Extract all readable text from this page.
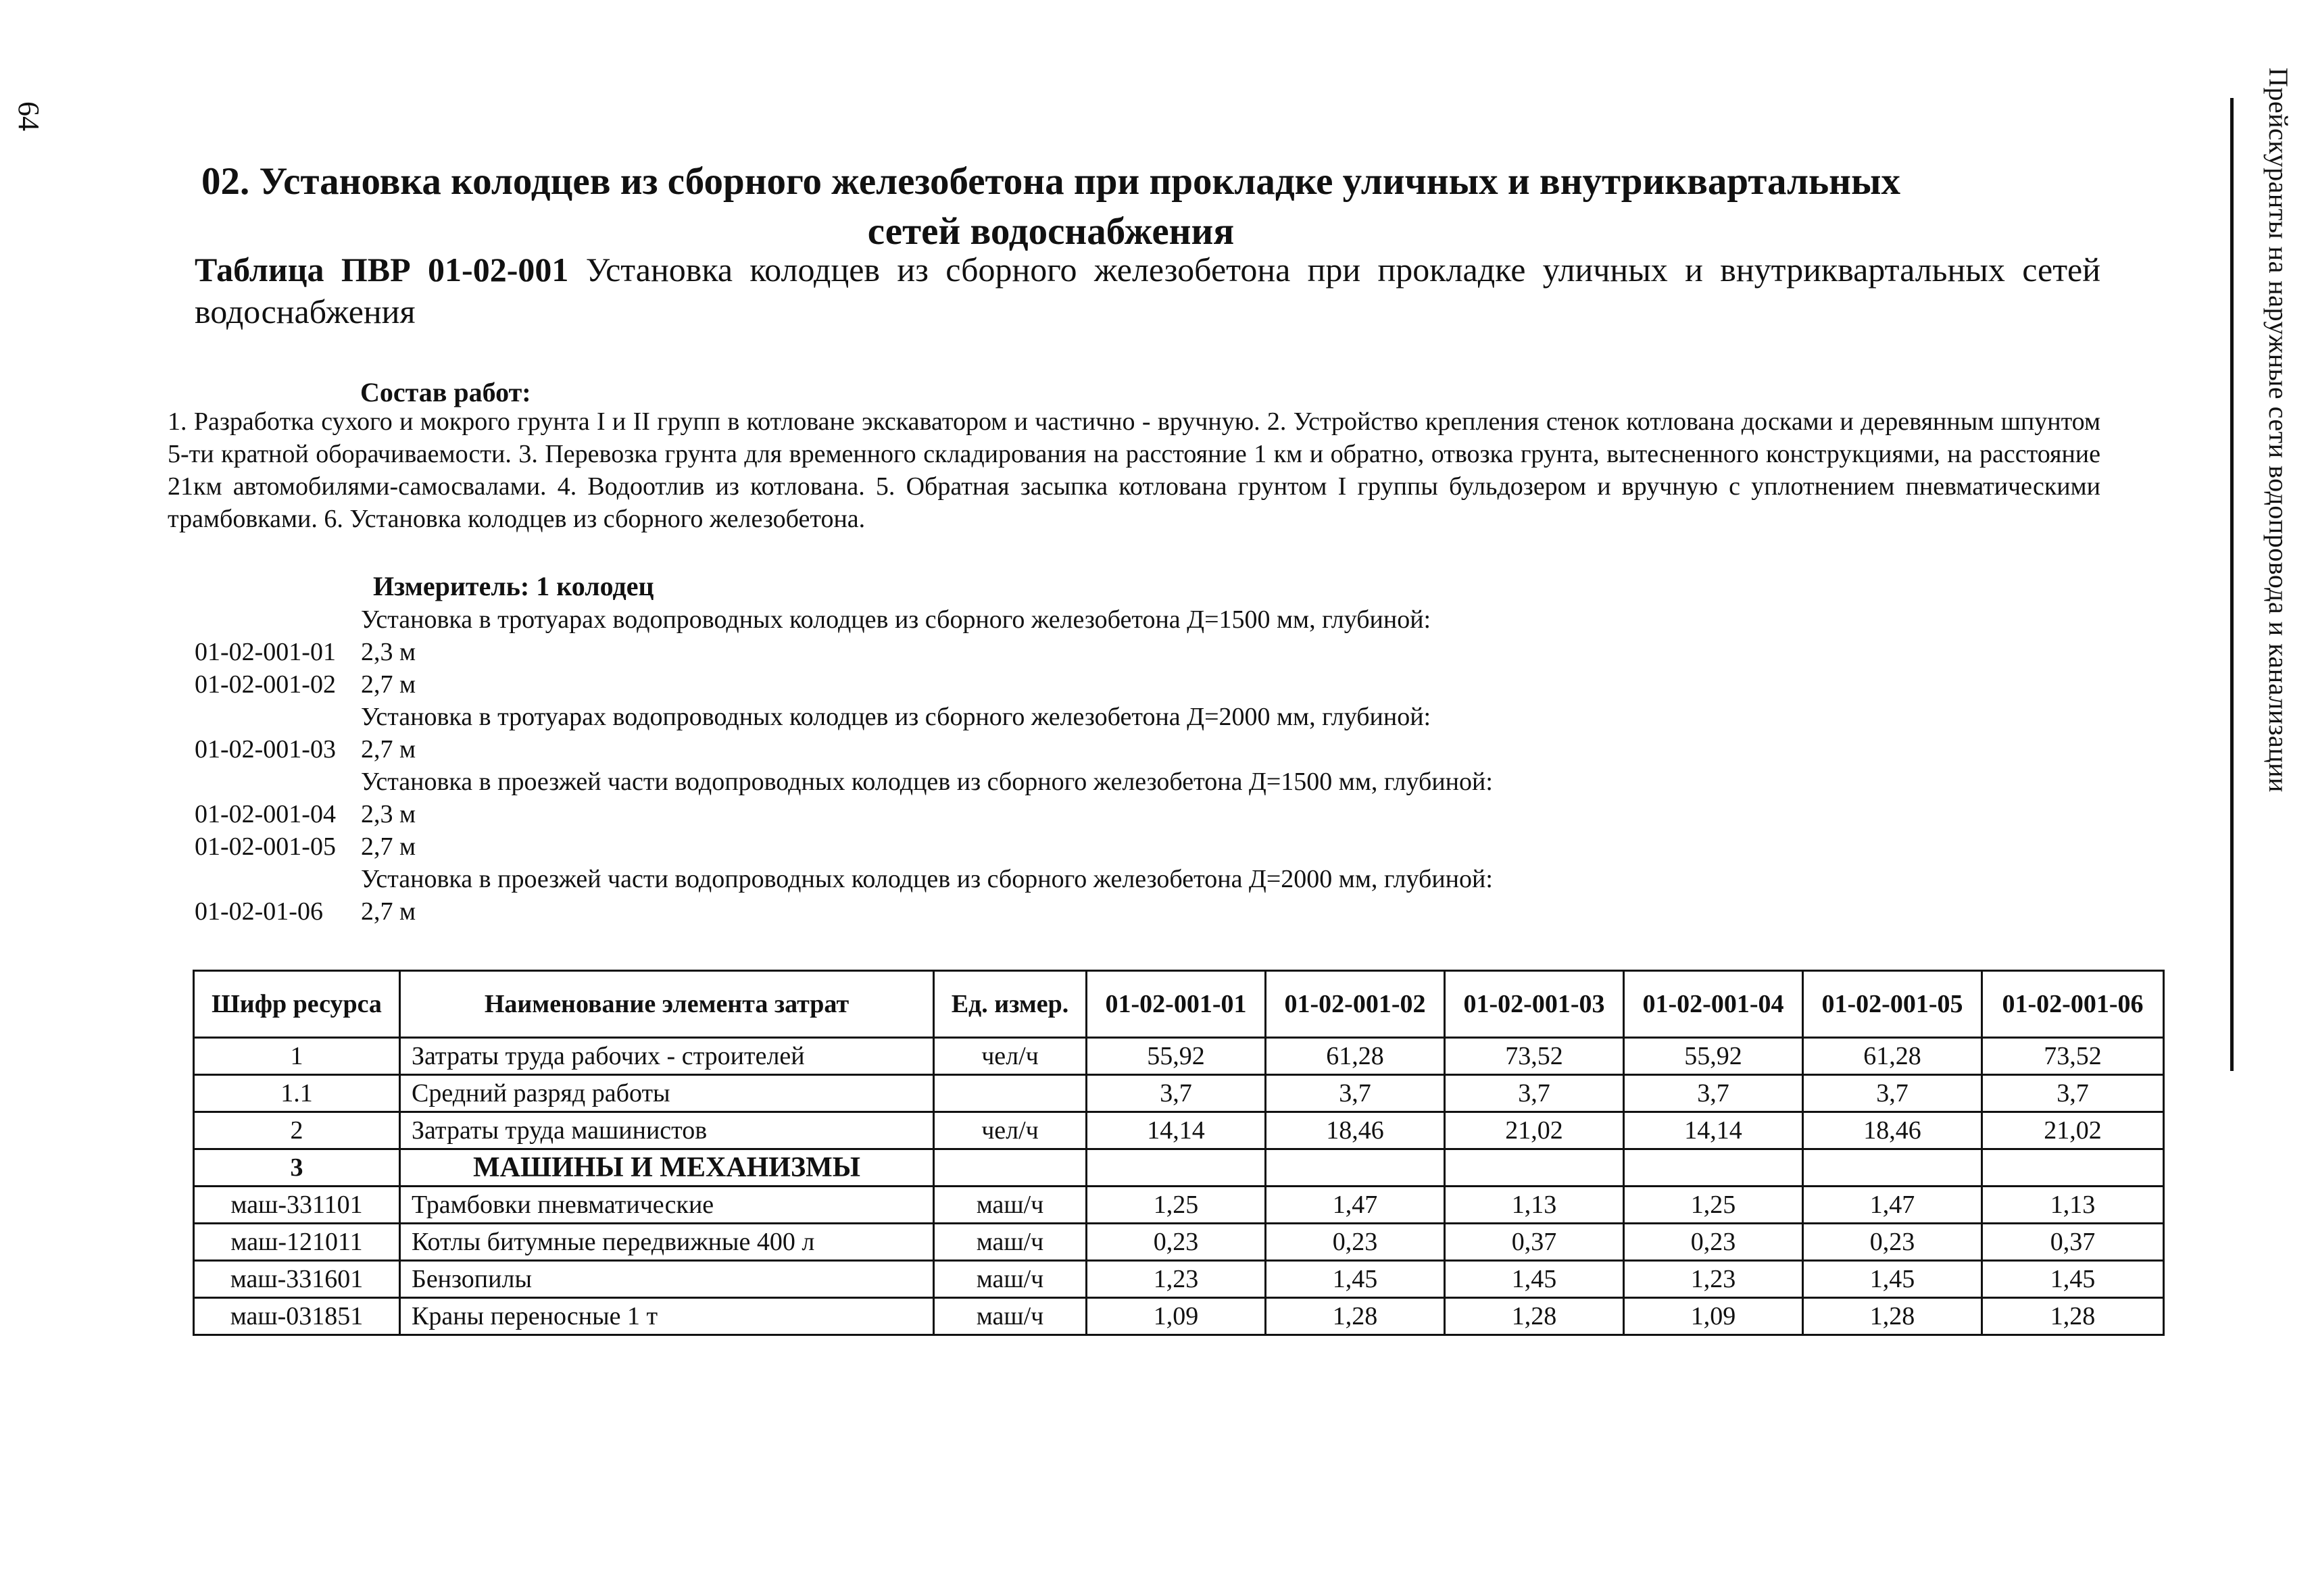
64	Прейскуранты на наружные сети водопровода и канализации
02. Установка колодцев из сборного железобетона при прокладке уличных и внутриквартальных сетей водоснабжения
Таблица ПВР 01-02-001 Установка колодцев из сборного железобетона при прокладке уличных и внутриквартальных сетей водоснабжения
Состав работ:
1. Разработка сухого и мокрого грунта I и II групп в котловане экскаватором и частично - вручную. 2. Устройство крепления стенок котлована досками и деревянным шпунтом 5-ти кратной оборачиваемости. 3. Перевозка грунта для временного складирования на расстояние 1 км и обратно, отвозка грунта, вытесненного конструкциями, на расстояние 21км автомобилями-самосвалами. 4. Водоотлив из котлована. 5. Обратная засыпка котлована грунтом I группы бульдозером и вручную с уплотнением пневматическими трамбовками. 6. Установка колодцев из сборного железобетона.
Измеритель: 1 колодец
Установка в тротуарах водопроводных колодцев из сборного железобетона Д=1500 мм, глубиной:
01-02-001-01 2,3 м
01-02-001-02 2,7 м
Установка в тротуарах водопроводных колодцев из сборного железобетона Д=2000 мм, глубиной:
01-02-001-03 2,7 м
Установка в проезжей части водопроводных колодцев из сборного железобетона Д=1500 мм, глубиной:
01-02-001-04 2,3 м
01-02-001-05 2,7 м
Установка в проезжей части водопроводных колодцев из сборного железобетона Д=2000 мм, глубиной:
01-02-01-06 2,7 м
Шифр ресурса	Наименование элемента затрат	Ед. измер.	01-02-001-01	01-02-001-02	01-02-001-03	01-02-001-04	01-02-001-05	01-02-001-06
1	Затраты труда рабочих - строителей	чел/ч	55,92	61,28	73,52	55,92	61,28	73,52
1.1	Средний разряд работы		3,7	3,7	3,7	3,7	3,7	3,7
2	Затраты труда машинистов	чел/ч	14,14	18,46	21,02	14,14	18,46	21,02
3	МАШИНЫ И МЕХАНИЗМЫ							
маш-331101	Трамбовки пневматические	маш/ч	1,25	1,47	1,13	1,25	1,47	1,13
маш-121011	Котлы битумные передвижные 400 л	маш/ч	0,23	0,23	0,37	0,23	0,23	0,37
маш-331601	Бензопилы	маш/ч	1,23	1,45	1,45	1,23	1,45	1,45
маш-031851	Краны переносные 1 т	маш/ч	1,09	1,28	1,28	1,09	1,28	1,28
